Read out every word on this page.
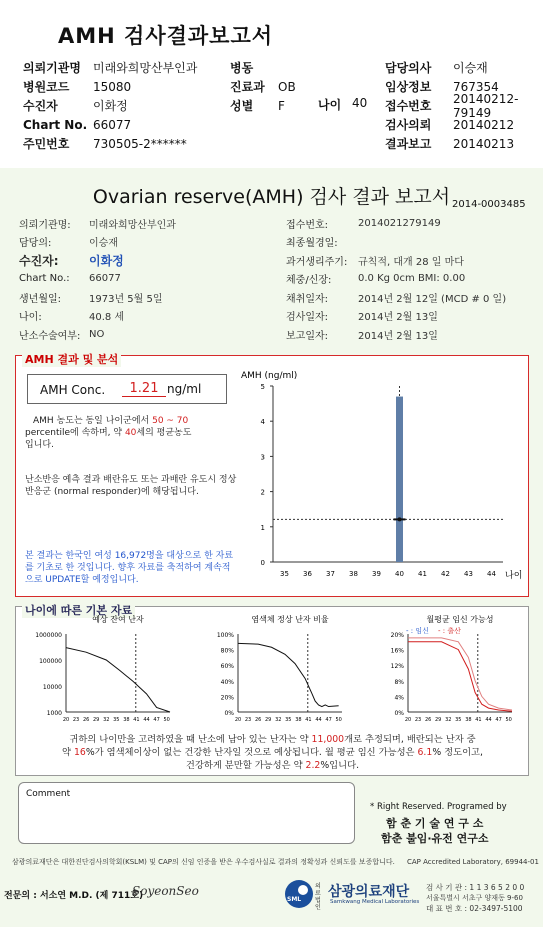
AMH 검사결과보고서
의뢰기관명	미래와희망산부인과
병원코드	15080
수진자	이화정
Chart No. 66077
주민번호	730505-2******
병동
진료과	OB
성별	F	나이 40
담당의사	이승재
임상정보	767354
접수번호
20140212-79149
검사의뢰	20140212
결과보고	20140213
Ovarian reserve(AMH) 검사 결과 보고서 2014-0003485
의뢰기관명:	미래와희망산부인과
담당의:	이승재
수진자:	이화정
Chart No.:	66077
생년월일:	1973년 5월 5일
나이:	40.8 세
난소수술여부: NO
접수번호:	2014021279149
최종월경일:
과거생리주기:	규칙적, 대개 28 일 마다
체중/신장:	0.0 Kg 0cm BMI: 0.00
채취일자:	2014년 2월 12일 (MCD # 0 일)
검사일자:	2014년 2월 13일
보고일자:	2014년 2월 13일
AMH 결과 및 분석
AMH Conc.	1.21 ng/ml
AMH 농도는 동일 나이군에서 50 ~ 70
percentile에 속하며, 약 40세의 평균농도
입니다.
난소반응 예측 결과 배란유도 또는 과배란 유도시 정상반응군 (normal responder)에 해당됩니다.
본 결과는 한국인 여성 16,972명을 대상으로 한 자료를 기초로 한 것입니다. 향후 자료를 축적하여 계속적으로 UPDATE할 예정입니다.
AMH (ng/ml)
0
1
2
3
4
5
35 36 37 38 39 40 41 42 43 44 나이
나이에 따른 기본 자료
예상 잔여 난자
1000000
100000
10000
1000
20 23 26 29 32 35 38 41 44 47 50
염색체 정상 난자 비율
100%
80%
60%
40%
20%
0%
20 23 26 29 32 35 38 41 44 47 50
월평균 임신 가능성
20%
16%
12%
8%
4%
0%
20 23 26 29 32 35 38 41 44 47 50
- : 임신 - : 출산
귀하의 나이만을 고려하였을 때 난소에 남아 있는 난자는 약 11,000개로 추정되며, 배란되는 난자 중
약 16%가 염색체이상이 없는 건강한 난자일 것으로 예상됩니다. 월 평균 임신 가능성은 6.1% 정도이고,
건강하게 분만할 가능성은 약 2.2%입니다.
Comment
* Right Reserved. Programed by
함 춘 기 술 연 구 소
함춘 불임·유전 연구소
삼광의료재단은 대한진단검사의학회(KSLM) 및 CAP의 신임 인증을 받은 우수검사실로 결과의 정확성과 신뢰도를 보증합니다. CAP Accredited Laboratory, 69944-01
전문의 : 서소연 M.D. (제 711호)
SoyeonSeo
SML
의료 법인
삼광의료재단
Samkwang Medical Laboratories
검 사 기 관 : 1 1 3 6 5 2 0 0
서울특별시 서초구 양재동 9-60
대 표 번 호 : 02-3497-5100
